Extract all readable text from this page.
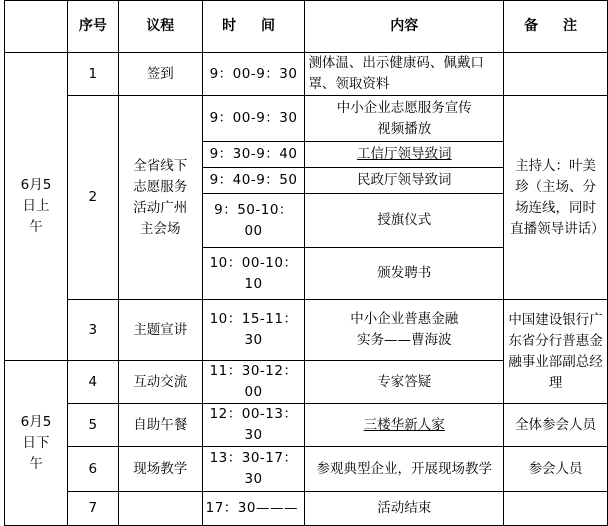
	序号	议程	时 间	内容	备 注
6月5日上午	1	签到	9：00-9：30	测体温、出示健康码、佩戴口罩、领取资料	
	2	全省线下志愿服务活动广州主会场	9：00-9：30	中小企业志愿服务宣传视频播放	主持人：叶美珍（主场、分场连线，同时直播领导讲话）
			9：30-9：40	工信厅领导致词	
			9：40-9：50	民政厅领导致词	
			9：50-10：00	授旗仪式	
			10：00-10：10	颁发聘书	
	3	主题宣讲	10：15-11：30	中小企业普惠金融实务——曹海波	中国建设银行广东省分行普惠金融事业部副总经理
6月5日下午	4	互动交流	11：30-12：00	专家答疑	
	5	自助午餐	12：00-13：30	三楼华新人家	全体参会人员
	6	现场教学	13：30-17：30	参观典型企业，开展现场教学	参会人员
	7		17：30———	活动结束	
